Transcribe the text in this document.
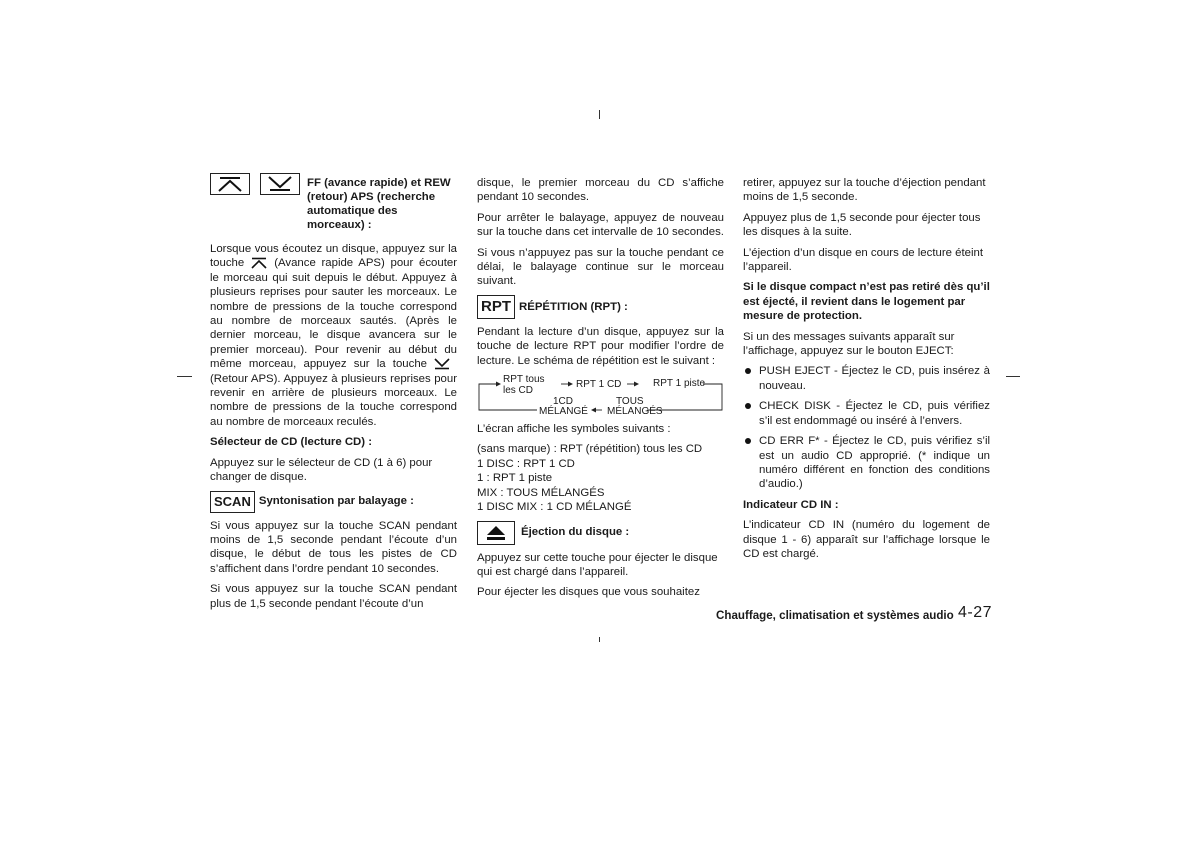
FF (avance rapide) et REW (retour) APS (recherche automatique des morceaux) :

Lorsque vous écoutez un disque, appuyez sur la touche	(Avance rapide APS) pour écouter le morceau qui suit depuis le début. Appuyez à plusieurs reprises pour sauter les morceaux. Le nombre de pressions de la touche correspond au nombre de morceaux sautés. (Après le dernier morceau, le disque avancera sur le premier morceau). Pour revenir au début du même morceau, appuyez sur la touche(Retour APS). Appuyez à plusieurs reprises pour revenir en arrière de plusieurs morceaux. Le nombre de pressions de la touche correspond au nombre de morceaux reculés.

Sélecteur de CD (lecture CD) :

Appuyez sur le sélecteur de CD (1 à 6) pour changer de disque.

SCAN Syntonisation par balayage :

Si vous appuyez sur la touche SCAN pendant moins de 1,5 seconde pendant l’écoute d’un disque, le début de tous les pistes de CD s’affichent dans l’ordre pendant 10 secondes.

Si vous appuyez sur la touche SCAN pendant plus de 1,5 seconde pendant l’écoute d’un

disque, le premier morceau du CD s’affiche pendant 10 secondes.

Pour arrêter le balayage, appuyez de nouveau sur la touche dans cet intervalle de 10 secondes.

Si vous n’appuyez pas sur la touche pendant ce délai, le balayage continue sur le morceau suivant.

RPT RÉPÉTITION (RPT) :

Pendant la lecture d’un disque, appuyez sur la touche de lecture RPT pour modifier l’ordre de lecture. Le schéma de répétition est le suivant :

RPT tous
les CD
RPT 1 CD	RPT 1 piste
1CD
MÉLANGÉ
TOUS
MÉLANGÉS

L’écran affiche les symboles suivants :

(sans marque) : RPT (répétition) tous les CD

1 DISC : RPT 1 CD

1 : RPT 1 piste

MIX : TOUS MÉLANGÉS

1 DISC MIX : 1 CD MÉLANGÉ

Éjection du disque :

Appuyez sur cette touche pour éjecter le disque qui est chargé dans l’appareil.

Pour éjecter les disques que vous souhaitez

retirer, appuyez sur la touche d’éjection pendant moins de 1,5 seconde.

Appuyez plus de 1,5 seconde pour éjecter tous les disques à la suite.

L’éjection d’un disque en cours de lecture éteint l’appareil.

Si le disque compact n’est pas retiré dès qu’il est éjecté, il revient dans le logement par mesure de protection.

Si un des messages suivants apparaît sur l’affichage, appuyez sur le bouton EJECT:

PUSH EJECT - Éjectez le CD, puis insérez à nouveau.
CHECK DISK - Éjectez le CD, puis vérifiez s’il est endommagé ou inséré à l’envers.
CD ERR F* - Éjectez le CD, puis vérifiez s’il est un audio CD approprié. (* indique un numéro différent en fonction des conditions d’audio.)

Indicateur CD IN :

L’indicateur CD IN (numéro du logement de disque 1 - 6) apparaît sur l’affichage lorsque le CD est chargé.

Chauffage, climatisation et systèmes audio 4-27
